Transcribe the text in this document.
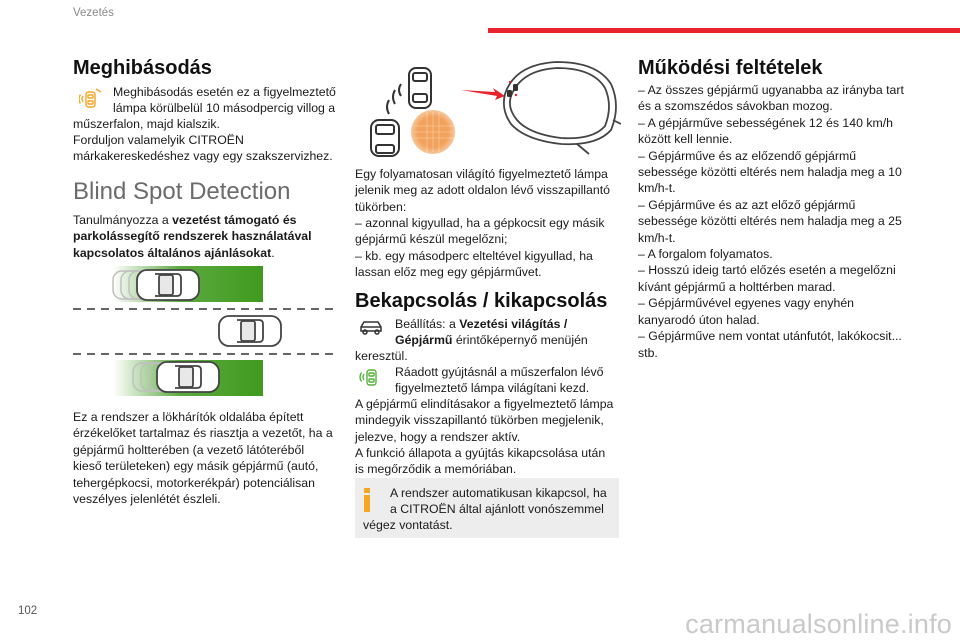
Vezetés
Meghibásodás
Meghibásodás esetén ez a figyelmeztető
lámpa körülbelül 10 másodpercig villog a
műszerfalon, majd kialszik.
Forduljon valamelyik CITROËN
márkakereskedéshez vagy egy szakszervizhez.
Blind Spot Detection
Tanulmányozza a vezetést támogató és parkolássegítő rendszerek használatával kapcsolatos általános ajánlásokat.
Ez a rendszer a lökhárítók oldalába épített érzékelőket tartalmaz és riasztja a vezetőt, ha a gépjármű holtterében (a vezető látóteréből kieső területeken) egy másik gépjármű (autó, tehergépkocsi, motorkerékpár) potenciálisan veszélyes jelenlétét észleli.
Egy folyamatosan világító figyelmeztető lámpa jelenik meg az adott oldalon lévő visszapillantó tükörben:
– azonnal kigyullad, ha a gépkocsit egy másik gépjármű készül megelőzni;
– kb. egy másodperc elteltével kigyullad, ha lassan előz meg egy gépjárművet.
Bekapcsolás / kikapcsolás
Beállítás: a Vezetési világítás /
Gépjármű érintőképernyő menüjén
keresztül.
Ráadott gyújtásnál a műszerfalon lévő
figyelmeztető lámpa világítani kezd.
A gépjármű elindításakor a figyelmeztető lámpa mindegyik visszapillantó tükörben megjelenik, jelezve, hogy a rendszer aktív.
A funkció állapota a gyújtás kikapcsolása után is megőrződik a memóriában.
A rendszer automatikusan kikapcsol, ha
a CITROËN által ajánlott vonószemmel
végez vontatást.
Működési feltételek
– Az összes gépjármű ugyanabba az irányba tart és a szomszédos sávokban mozog.
– A gépjárműve sebességének 12 és 140 km/h között kell lennie.
– Gépjárműve és az előzendő gépjármű sebessége közötti eltérés nem haladja meg a 10 km/h-t.
– Gépjárműve és az azt előző gépjármű sebessége közötti eltérés nem haladja meg a 25 km/h-t.
– A forgalom folyamatos.
– Hosszú ideig tartó előzés esetén a megelőzni kívánt gépjármű a holttérben marad.
– Gépjárművével egyenes vagy enyhén kanyarodó úton halad.
– Gépjárműve nem vontat utánfutót, lakókocsit... stb.
102	carmanualsonline.info
